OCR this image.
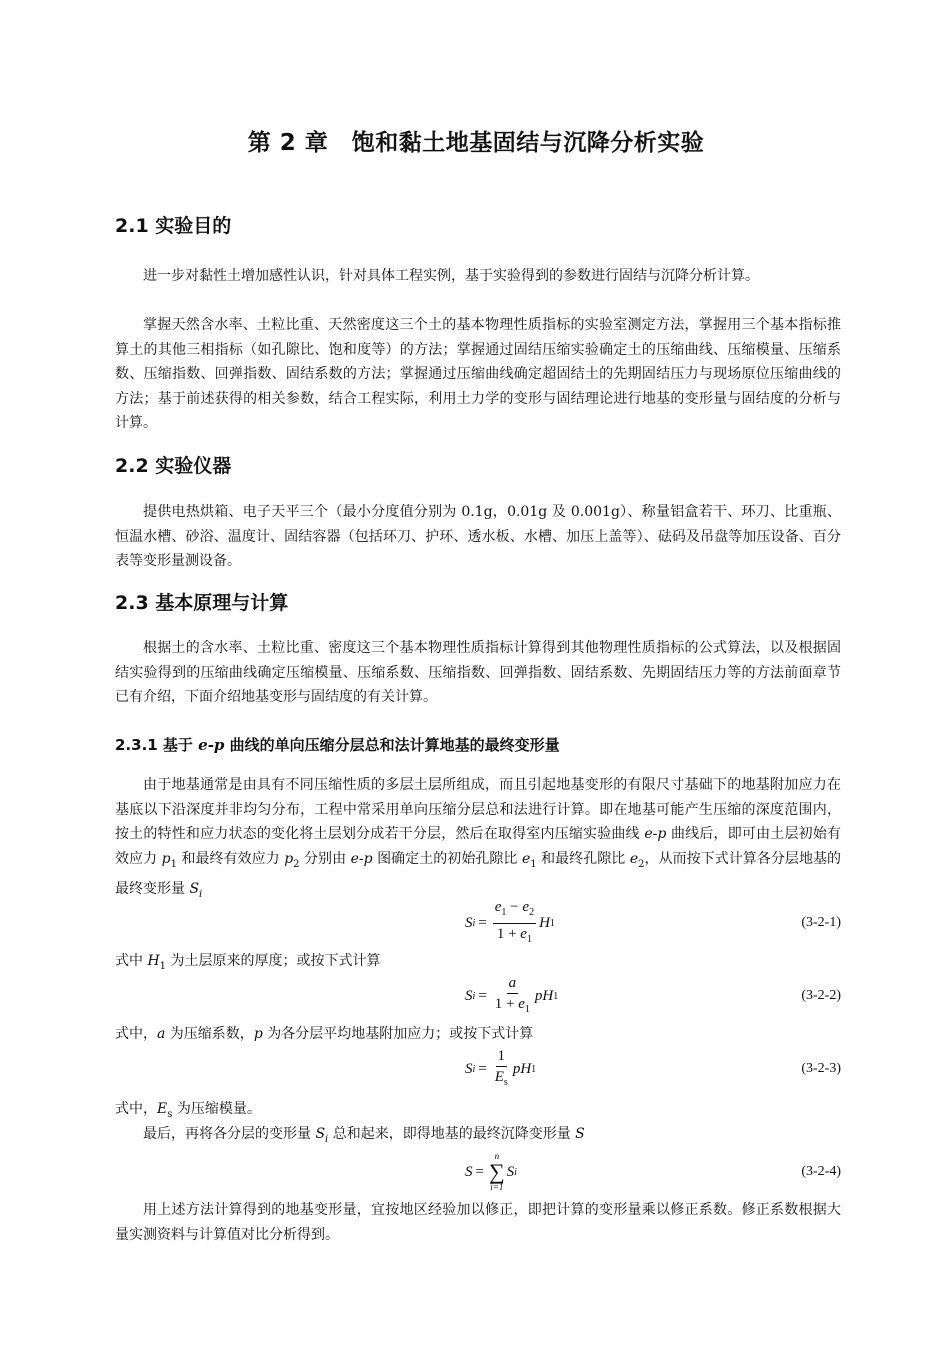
第 2 章　饱和黏土地基固结与沉降分析实验
2.1 实验目的

进一步对黏性土增加感性认识，针对具体工程实例，基于实验得到的参数进行固结与沉降分析计算。

掌握天然含水率、土粒比重、天然密度这三个土的基本物理性质指标的实验室测定方法，掌握用三个基本指标推算土的其他三相指标（如孔隙比、饱和度等）的方法；掌握通过固结压缩实验确定土的压缩曲线、压缩模量、压缩系数、压缩指数、回弹指数、固结系数的方法；掌握通过压缩曲线确定超固结土的先期固结压力与现场原位压缩曲线的方法；基于前述获得的相关参数，结合工程实际，利用土力学的变形与固结理论进行地基的变形量与固结度的分析与计算。

2.2 实验仪器

提供电热烘箱、电子天平三个（最小分度值分别为 0.1g，0.01g 及 0.001g）、称量铝盒若干、环刀、比重瓶、恒温水槽、砂浴、温度计、固结容器（包括环刀、护环、透水板、水槽、加压上盖等）、砝码及吊盘等加压设备、百分表等变形量测设备。

2.3 基本原理与计算

根据土的含水率、土粒比重、密度这三个基本物理性质指标计算得到其他物理性质指标的公式算法，以及根据固结实验得到的压缩曲线确定压缩模量、压缩系数、压缩指数、回弹指数、固结系数、先期固结压力等的方法前面章节已有介绍，下面介绍地基变形与固结度的有关计算。

2.3.1 基于 e-p 曲线的单向压缩分层总和法计算地基的最终变形量

由于地基通常是由具有不同压缩性质的多层土层所组成，而且引起地基变形的有限尺寸基础下的地基附加应力在基底以下沿深度并非均匀分布，工程中常采用单向压缩分层总和法进行计算。即在地基可能产生压缩的深度范围内，按土的特性和应力状态的变化将土层划分成若干分层，然后在取得室内压缩实验曲线 e-p 曲线后，即可由土层初始有效应力 $p_1$ 和最终有效应力 $p_2$ 分别由 e-p 图确定土的初始孔隙比 $e_1$ 和最终孔隙比 $e_2$，从而按下式计算各分层地基的最终变形量 $S_i$

S $i = \frac{e_1 - e_2}{1 + e_1}$ H 1	(3-2-1)

式中 $H_1$ 为土层原来的厚度；或按下式计算

S $i = \frac{a}{1 + e_1}$ pH 1	(3-2-2)

式中，a 为压缩系数，p 为各分层平均地基附加应力；或按下式计算

S $i = \frac{1}{E_s}$ pH 1	(3-2-3)

式中，$E_s$ 为压缩模量。

最后，再将各分层的变形量 $S_i$ 总和起来，即得地基的最终沉降变形量 S

S =
n
∑
i=1
S i	(3-2-4)

用上述方法计算得到的地基变形量，宜按地区经验加以修正，即把计算的变形量乘以修正系数。修正系数根据大量实测资料与计算值对比分析得到。
